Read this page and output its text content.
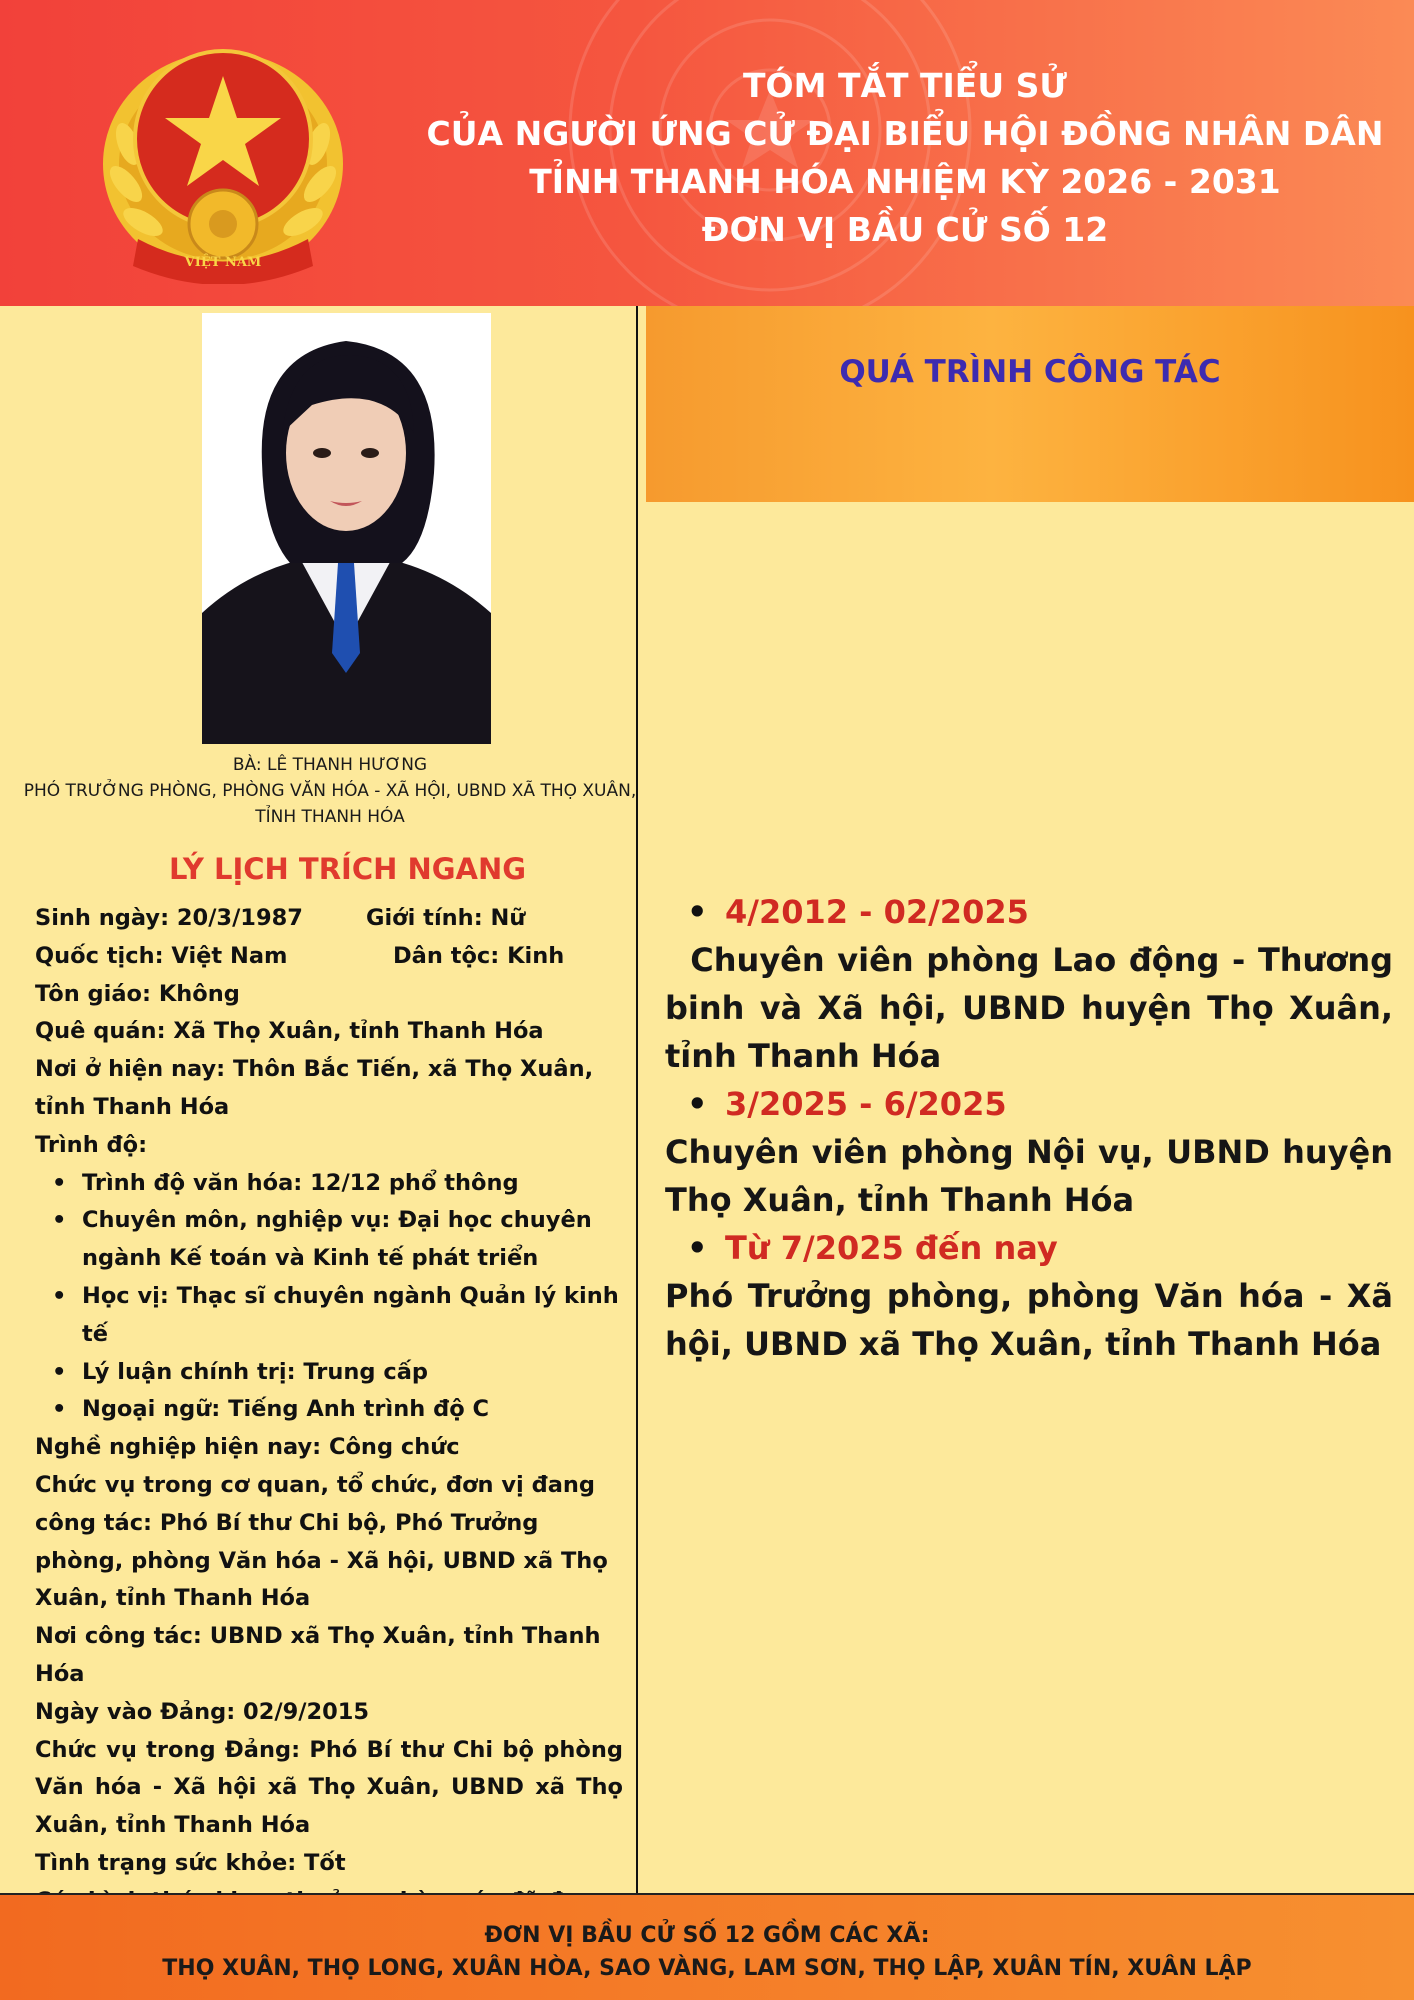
VIỆT NAM
TÓM TẮT TIỂU SỬ
CỦA NGƯỜI ỨNG CỬ ĐẠI BIỂU HỘI ĐỒNG NHÂN DÂN
TỈNH THANH HÓA NHIỆM KỲ 2026 - 2031
ĐƠN VỊ BẦU CỬ SỐ 12
BÀ: LÊ THANH HƯƠNG
PHÓ TRƯỞNG PHÒNG, PHÒNG VĂN HÓA - XÃ HỘI, UBND XÃ THỌ XUÂN, TỈNH THANH HÓA
LÝ LỊCH TRÍCH NGANG
Sinh ngày: 20/3/1987	Giới tính: Nữ
Quốc tịch: Việt Nam	Dân tộc: Kinh
Tôn giáo: Không
Quê quán: Xã Thọ Xuân, tỉnh Thanh Hóa
Nơi ở hiện nay: Thôn Bắc Tiến, xã Thọ Xuân, tỉnh Thanh Hóa
Trình độ:
• Trình độ văn hóa: 12/12 phổ thông
• Chuyên môn, nghiệp vụ: Đại học chuyên ngành Kế toán và Kinh tế phát triển
• Học vị: Thạc sĩ chuyên ngành Quản lý kinh tế
• Lý luận chính trị: Trung cấp
• Ngoại ngữ: Tiếng Anh trình độ C
Nghề nghiệp hiện nay: Công chức
Chức vụ trong cơ quan, tổ chức, đơn vị đang công tác: Phó Bí thư Chi bộ, Phó Trưởng phòng, phòng Văn hóa - Xã hội, UBND xã Thọ Xuân, tỉnh Thanh Hóa
Nơi công tác: UBND xã Thọ Xuân, tỉnh Thanh Hóa
Ngày vào Đảng: 02/9/2015
Chức vụ trong Đảng: Phó Bí thư Chi bộ phòng Văn hóa - Xã hội xã Thọ Xuân, UBND xã Thọ Xuân, tỉnh Thanh Hóa
Tình trạng sức khỏe: Tốt
QUÁ TRÌNH CÔNG TÁC
• 4/2012 - 02/2025
Chuyên viên phòng Lao động - Thương binh và Xã hội, UBND huyện Thọ Xuân, tỉnh Thanh Hóa
• 3/2025 - 6/2025
Chuyên viên phòng Nội vụ, UBND huyện Thọ Xuân, tỉnh Thanh Hóa
• Từ 7/2025 đến nay
Phó Trưởng phòng, phòng Văn hóa - Xã hội, UBND xã Thọ Xuân, tỉnh Thanh Hóa
ĐƠN VỊ BẦU CỬ SỐ 12 GỒM CÁC XÃ:
THỌ XUÂN, THỌ LONG, XUÂN HÒA, SAO VÀNG, LAM SƠN, THỌ LẬP, XUÂN TÍN, XUÂN LẬP
